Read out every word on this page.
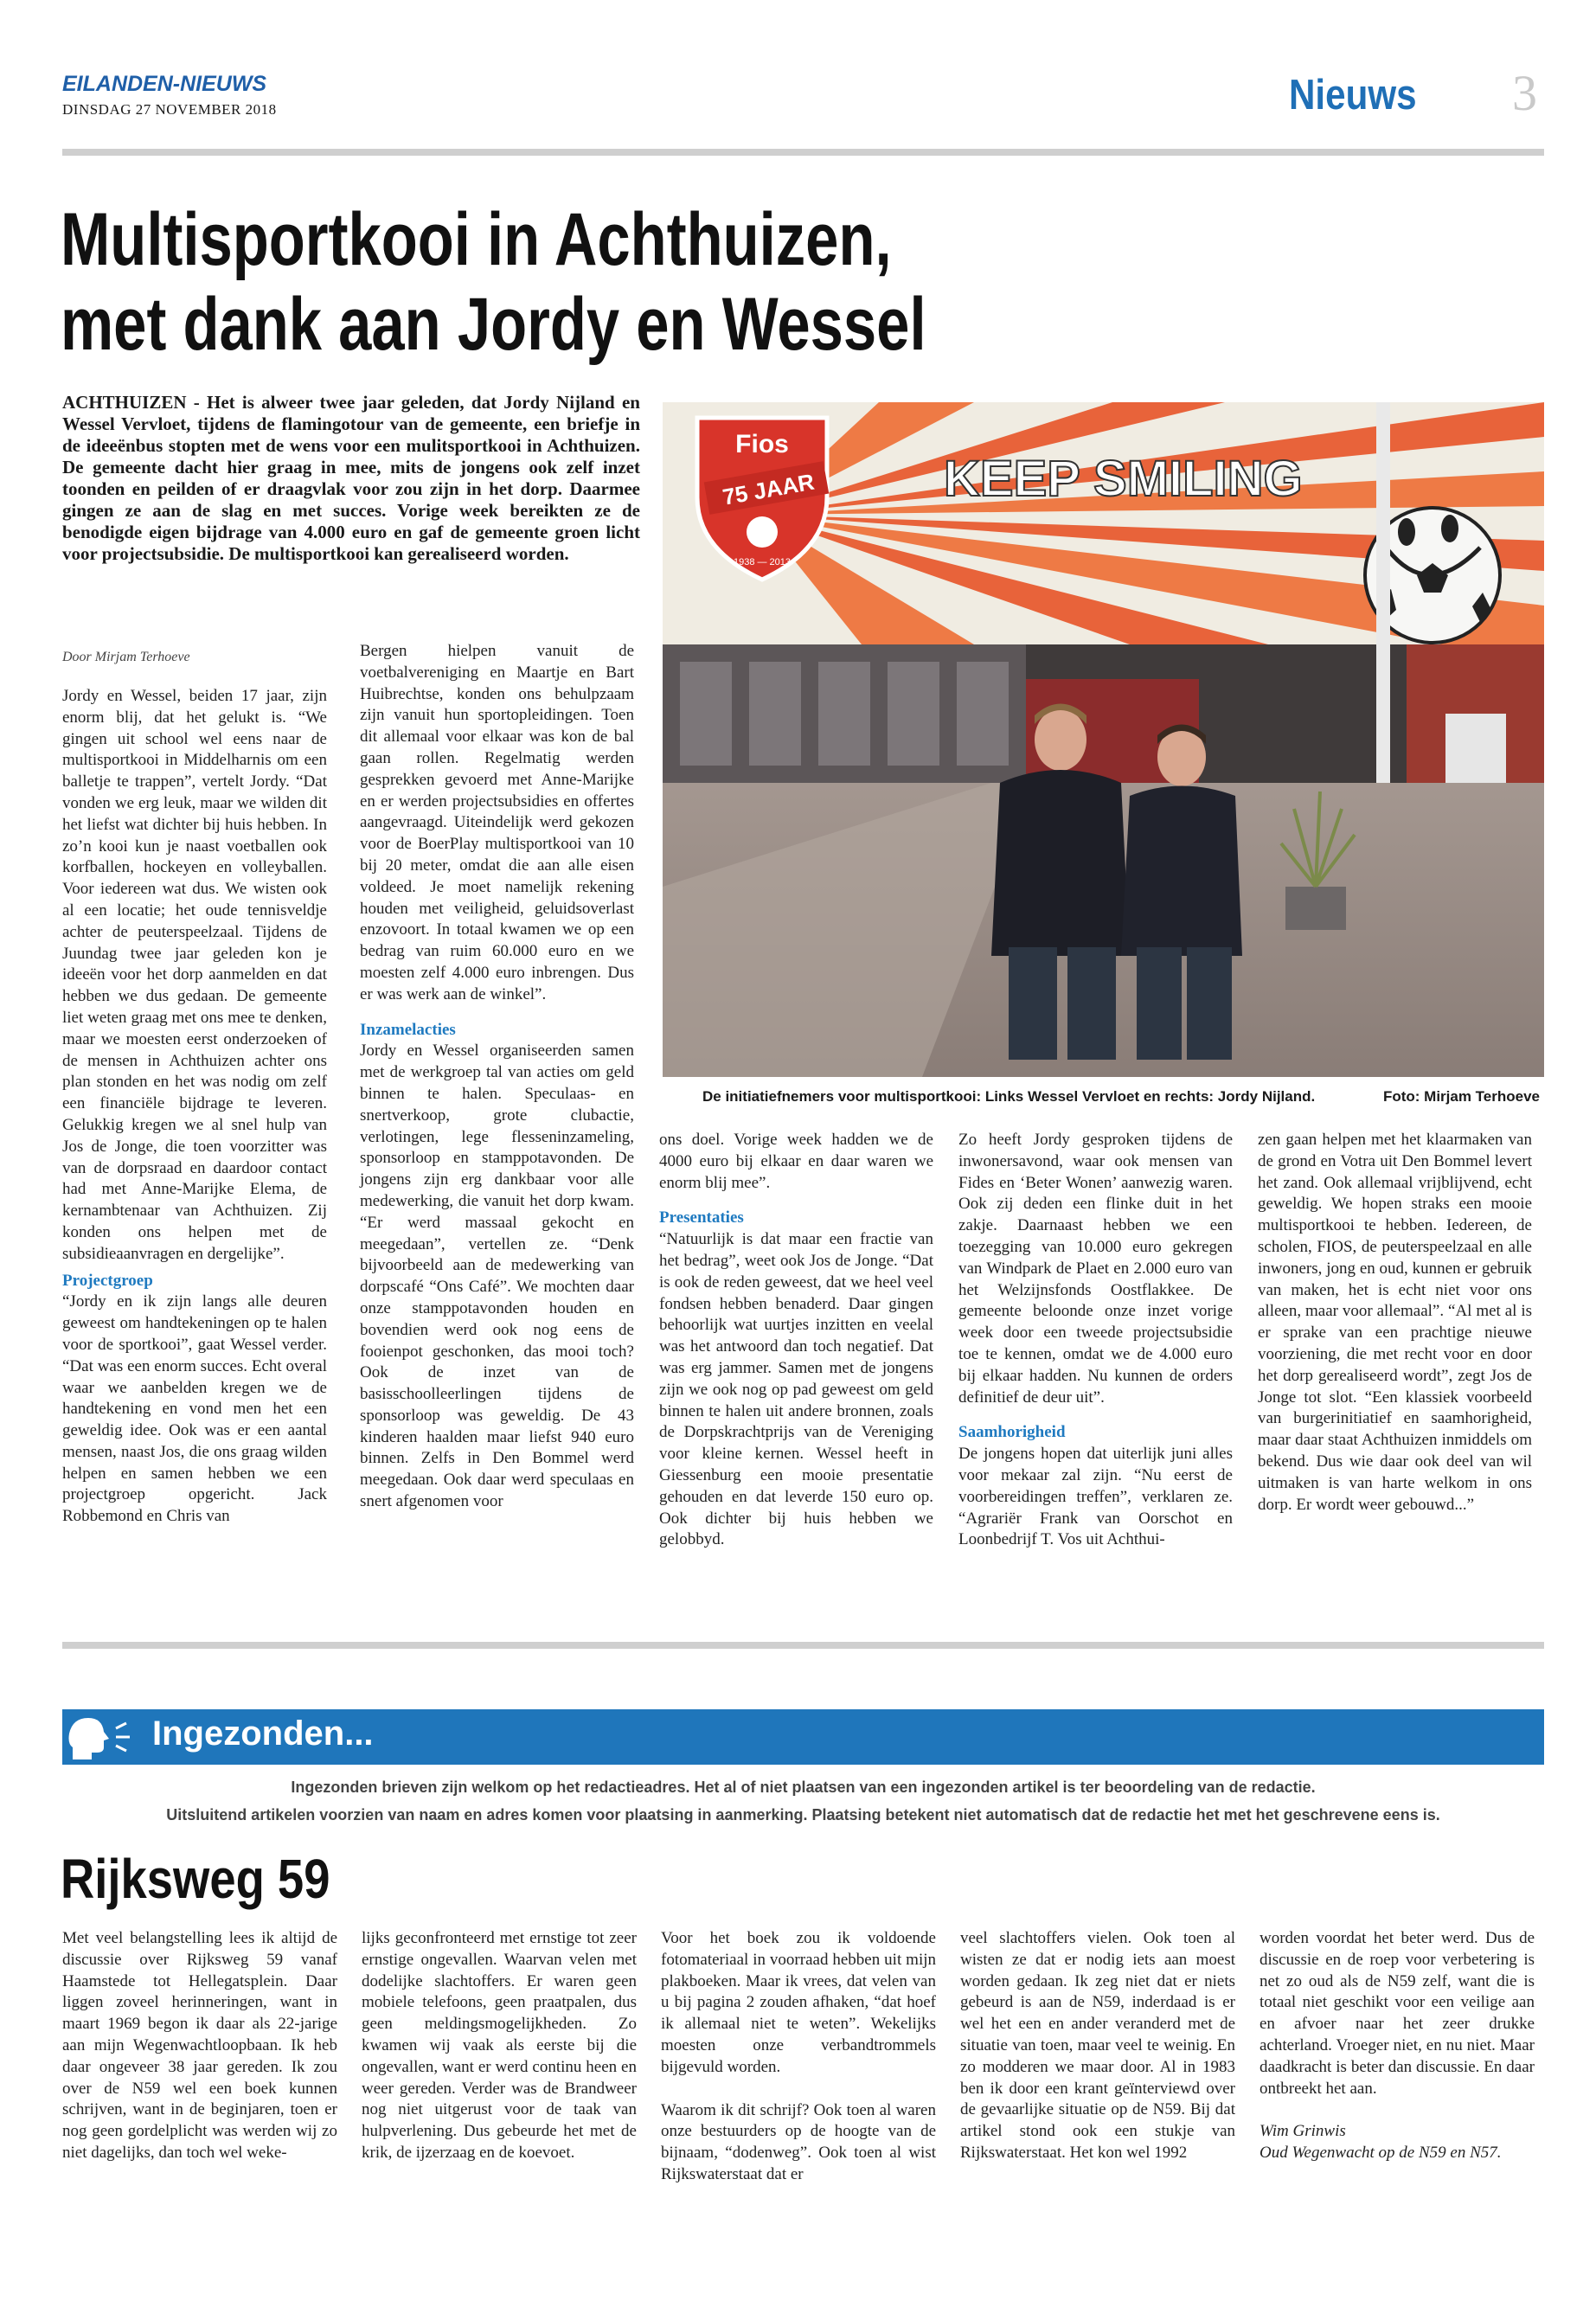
EILANDEN-NIEUWS
DINSDAG 27 NOVEMBER 2018	Nieuws 3
Multisportkooi in Achthuizen,
met dank aan Jordy en Wessel
ACHTHUIZEN - Het is alweer twee jaar geleden, dat Jordy Nijland en Wessel Vervloet, tijdens de flamingotour van de gemeente, een briefje in de ideeënbus stopten met de wens voor een mulitsportkooi in Achthuizen. De gemeente dacht hier graag in mee, mits de jongens ook zelf inzet toonden en peilden of er draagvlak voor zou zijn in het dorp. Daarmee gingen ze aan de slag en met succes. Vorige week bereikten ze de benodigde eigen bijdrage van 4.000 euro en gaf de gemeente groen licht voor projectsubsidie. De multisportkooi kan gerealiseerd worden.
Door Mirjam Terhoeve

Jordy en Wessel, beiden 17 jaar, zijn enorm blij, dat het gelukt is. “We gingen uit school wel eens naar de multisportkooi in Middelharnis om een balletje te trappen”, vertelt Jordy. “Dat vonden we erg leuk, maar we wilden dit het liefst wat dichter bij huis hebben. In zo’n kooi kun je naast voetballen ook korfballen, hockeyen en volleyballen. Voor iedereen wat dus. We wisten ook al een locatie; het oude tennisveldje achter de peuterspeelzaal. Tijdens de Juundag twee jaar geleden kon je ideeën voor het dorp aanmelden en dat hebben we dus gedaan. De gemeente liet weten graag met ons mee te denken, maar we moesten eerst onderzoeken of de mensen in Achthuizen achter ons plan stonden en het was nodig om zelf een financiële bijdrage te leveren. Gelukkig kregen we al snel hulp van Jos de Jonge, die toen voorzitter was van de dorpsraad en daardoor contact had met Anne-Marijke Elema, de kernambtenaar van Achthuizen. Zij konden ons helpen met de subsidieaanvragen en dergelijke”.

Projectgroep

“Jordy en ik zijn langs alle deuren geweest om handtekeningen op te halen voor de sportkooi”, gaat Wessel verder. “Dat was een enorm succes. Echt overal waar we aanbelden kregen we de handtekening en vond men het een geweldig idee. Ook was er een aantal mensen, naast Jos, die ons graag wilden helpen en samen hebben we een projectgroep opgericht. Jack Robbemond en Chris van

Bergen hielpen vanuit de voetbalvereniging en Maartje en Bart Huibrechtse, konden ons behulpzaam zijn vanuit hun sportopleidingen. Toen dit allemaal voor elkaar was kon de bal gaan rollen. Regelmatig werden gesprekken gevoerd met Anne-Marijke en er werden projectsubsidies en offertes aangevraagd. Uiteindelijk werd gekozen voor de BoerPlay multisportkooi van 10 bij 20 meter, omdat die aan alle eisen voldeed. Je moet namelijk rekening houden met veiligheid, geluidsoverlast enzovoort. In totaal kwamen we op een bedrag van ruim 60.000 euro en we moesten zelf 4.000 euro inbrengen. Dus er was werk aan de winkel”.

Inzamelacties

Jordy en Wessel organiseerden samen met de werkgroep tal van acties om geld binnen te halen. Speculaas- en snertverkoop, grote clubactie, verlotingen, lege flesseninzameling, sponsorloop en stamppotavonden. De jongens zijn erg dankbaar voor alle medewerking, die vanuit het dorp kwam. “Er werd massaal gekocht en meegedaan”, vertellen ze. “Denk bijvoorbeeld aan de medewerking van dorpscafé “Ons Café”. We mochten daar onze stamppotavonden houden en bovendien werd ook nog eens de fooienpot geschonken, das mooi toch? Ook de inzet van de basisschoolleerlingen tijdens de sponsorloop was geweldig. De 43 kinderen haalden maar liefst 940 euro binnen. Zelfs in Den Bommel werd meegedaan. Ook daar werd speculaas en snert afgenomen voor

ons doel. Vorige week hadden we de 4000 euro bij elkaar en daar waren we enorm blij mee”.

Presentaties

“Natuurlijk is dat maar een fractie van het bedrag”, weet ook Jos de Jonge. “Dat is ook de reden geweest, dat we heel veel fondsen hebben benaderd. Daar gingen behoorlijk wat uurtjes inzitten en veelal was het antwoord dan toch negatief. Dat was erg jammer. Samen met de jongens zijn we ook nog op pad geweest om geld binnen te halen uit andere bronnen, zoals de Dorpskrachtprijs van de Vereniging voor kleine kernen. Wessel heeft in Giessenburg een mooie presentatie gehouden en dat leverde 150 euro op. Ook dichter bij huis hebben we gelobbyd.

Zo heeft Jordy gesproken tijdens de inwonersavond, waar ook mensen van Fides en ‘Beter Wonen’ aanwezig waren. Ook zij deden een flinke duit in het zakje. Daarnaast hebben we een toezegging van 10.000 euro gekregen van Windpark de Plaet en 2.000 euro van het Welzijnsfonds Oostflakkee. De gemeente beloonde onze inzet vorige week door een tweede projectsubsidie toe te kennen, omdat we de 4.000 euro bij elkaar hadden. Nu kunnen de orders definitief de deur uit”.

Saamhorigheid

De jongens hopen dat uiterlijk juni alles voor mekaar zal zijn. “Nu eerst de voorbereidingen treffen”, verklaren ze. “Agrariër Frank van Oorschot en Loonbedrijf T. Vos uit Achthui-

zen gaan helpen met het klaarmaken van de grond en Votra uit Den Bommel levert het zand. Ook allemaal vrijblijvend, echt geweldig. We hopen straks een mooie multisportkooi te hebben. Iedereen, de scholen, FIOS, de peuterspeelzaal en alle inwoners, jong en oud, kunnen er gebruik van maken, het is echt niet voor ons alleen, maar voor allemaal”. “Al met al is er sprake van een prachtige nieuwe voorziening, die met recht voor en door het dorp gerealiseerd wordt”, zegt Jos de Jonge tot slot. “Een klassiek voorbeeld van burgerinitiatief en saamhorigheid, maar daar staat Achthuizen inmiddels om bekend. Dus wie daar ook deel van wil uitmaken is van harte welkom in ons dorp. Er wordt weer gebouwd...”

Fios
75 JAAR
1938 — 2013
KEEP SMILING
De initiatiefnemers voor multisportkooi: Links Wessel Vervloet en rechts: Jordy Nijland.	Foto: Mirjam Terhoeve
Ingezonden...
Ingezonden brieven zijn welkom op het redactieadres. Het al of niet plaatsen van een ingezonden artikel is ter beoordeling van de redactie.
Uitsluitend artikelen voorzien van naam en adres komen voor plaatsing in aanmerking. Plaatsing betekent niet automatisch dat de redactie het met het geschrevene eens is.
Rijksweg 59
Met veel belangstelling lees ik altijd de discussie over Rijksweg 59 vanaf Haamstede tot Hellegatsplein. Daar liggen zoveel herinneringen, want in maart 1969 begon ik daar als 22-jarige aan mijn Wegenwachtloopbaan. Ik heb daar ongeveer 38 jaar gereden. Ik zou over de N59 wel een boek kunnen schrijven, want in de beginjaren, toen er nog geen gordelplicht was werden wij zo niet dagelijks, dan toch wel weke-
lijks geconfronteerd met ernstige tot zeer ernstige ongevallen. Waarvan velen met dodelijke slachtoffers. Er waren geen mobiele telefoons, geen praatpalen, dus geen meldingsmogelijkheden. Zo kwamen wij vaak als eerste bij die ongevallen, want er werd continu heen en weer gereden. Verder was de Brandweer nog niet uitgerust voor de taak van hulpverlening. Dus gebeurde het met de krik, de ijzerzaag en de koevoet.

Voor het boek zou ik voldoende fotomateriaal in voorraad hebben uit mijn plakboeken. Maar ik vrees, dat velen van u bij pagina 2 zouden afhaken, “dat hoef ik allemaal niet te weten”. Wekelijks moesten onze verbandtrommels bijgevuld worden.

Waarom ik dit schrijf? Ook toen al waren onze bestuurders op de hoogte van de bijnaam, “dodenweg”. Ook toen al wist Rijkswaterstaat dat er

veel slachtoffers vielen. Ook toen al wisten ze dat er nodig iets aan moest worden gedaan. Ik zeg niet dat er niets gebeurd is aan de N59, inderdaad is er wel het een en ander veranderd met de situatie van toen, maar veel te weinig. En zo modderen we maar door. Al in 1983 ben ik door een krant geïnterviewd over de gevaarlijke situatie op de N59. Bij dat artikel stond ook een stukje van Rijkswaterstaat. Het kon wel 1992

worden voordat het beter werd. Dus de discussie en de roep voor verbetering is net zo oud als de N59 zelf, want die is totaal niet geschikt voor een veilige aan en afvoer naar het zeer drukke achterland. Vroeger niet, en nu niet. Maar daadkracht is beter dan discussie. En daar ontbreekt het aan.

Wim Grinwis

Oud Wegenwacht op de N59 en N57.
